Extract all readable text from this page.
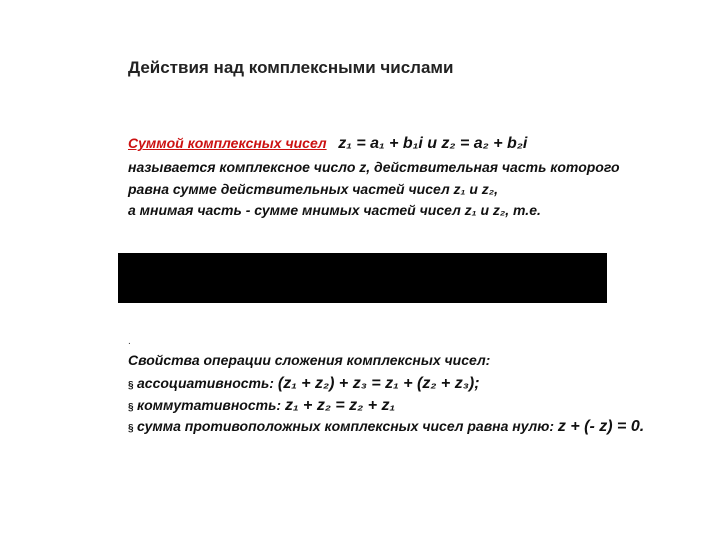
Действия над комплексными числами
Суммой комплексных чисел z₁ = a₁ + b₁i и z₂ = a₂ + b₂i
называется комплексное число z, действительная часть которого
равна сумме действительных частей чисел z₁ и z₂,
а мнимая часть - сумме мнимых частей чисел z₁ и z₂, т.е.
.
Свойства операции сложения комплексных чисел:
§ ассоциативность: (z₁ + z₂) + z₃ = z₁ + (z₂ + z₃);
§ коммутативность: z₁ + z₂ = z₂ + z₁
§ сумма противоположных комплексных чисел равна нулю: z + (- z) = 0.
